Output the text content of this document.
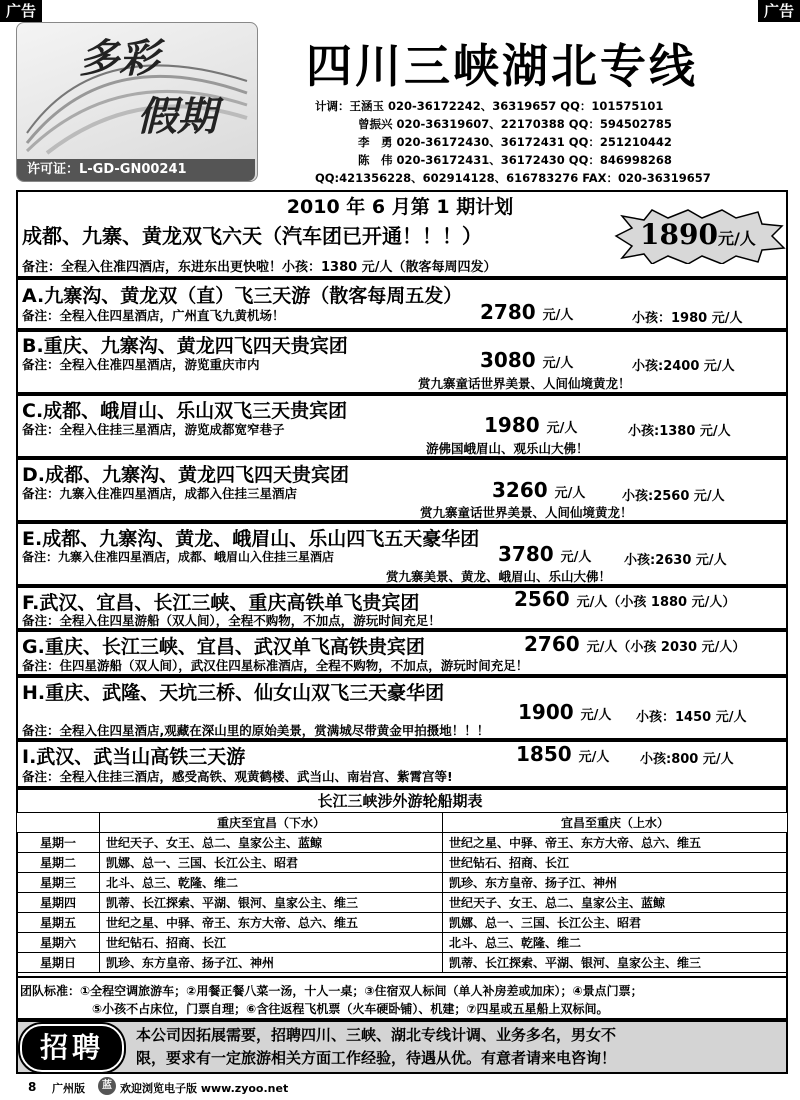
广告	广告
多彩
假期
许可证：L-GD-GN00241
四川三峡湖北专线
计调：王涵玉 020-36172242、36319657 QQ：101575101
曾振兴 020-36319607、22170388 QQ：594502785
李　勇 020-36172430、36172431 QQ：251210442
陈　伟 020-36172431、36172430 QQ：846998268
QQ:421356228、602914128、616783276 FAX：020-36319657
2010 年 6 月第 1 期计划
成都、九寨、黄龙双飞六天（汽车团已开通！！！）	1890元/人
备注：全程入住准四酒店，东进东出更快啦！小孩：1380 元/人（散客每周四发）
A.九寨沟、黄龙双（直）飞三天游（散客每周五发）
备注：全程入住四星酒店，广州直飞九黄机场！	2780 元/人	小孩：1980 元/人
B.重庆、九寨沟、黄龙四飞四天贵宾团
备注：全程入住准四星酒店，游览重庆市内	3080 元/人	小孩:2400 元/人
赏九寨童话世界美景、人间仙境黄龙！
C.成都、峨眉山、乐山双飞三天贵宾团
备注：全程入住挂三星酒店，游览成都宽窄巷子	1980 元/人	小孩:1380 元/人
游佛国峨眉山、观乐山大佛！
D.成都、九寨沟、黄龙四飞四天贵宾团
备注：九寨入住准四星酒店，成都入住挂三星酒店	3260 元/人	小孩:2560 元/人
赏九寨童话世界美景、人间仙境黄龙！
E.成都、九寨沟、黄龙、峨眉山、乐山四飞五天豪华团
备注：九寨入住准四星酒店，成都、峨眉山入住挂三星酒店	3780 元/人	小孩:2630 元/人
赏九寨美景、黄龙、峨眉山、乐山大佛！
F.武汉、宜昌、长江三峡、重庆高铁单飞贵宾团	2560 元/人（小孩 1880 元/人）
备注：全程入住四星游船（双人间），全程不购物，不加点，游玩时间充足！
G.重庆、长江三峡、宜昌、武汉单飞高铁贵宾团	2760 元/人（小孩 2030 元/人）
备注：住四星游船（双人间），武汉住四星标准酒店，全程不购物，不加点，游玩时间充足！
H.重庆、武隆、天坑三桥、仙女山双飞三天豪华团
1900 元/人 小孩：1450 元/人
备注：全程入住四星酒店,观藏在深山里的原始美景，赏满城尽带黄金甲拍摄地！！！
I.武汉、武当山高铁三天游	1850 元/人 小孩:800 元/人
备注：全程入住挂三酒店，感受高铁、观黄鹤楼、武当山、南岩宫、紫霄宫等!
长江三峡涉外游轮船期表
	重庆至宜昌（下水）	宜昌至重庆（上水）
星期一	世纪天子、女王、总二、皇家公主、蓝鲸	世纪之星、中驿、帝王、东方大帝、总六、维五
星期二	凯娜、总一、三国、长江公主、昭君	世纪钻石、招商、长江
星期三	北斗、总三、乾隆、维二	凯珍、东方皇帝、扬子江、神州
星期四	凯蒂、长江探索、平湖、银河、皇家公主、维三	世纪天子、女王、总二、皇家公主、蓝鲸
星期五	世纪之星、中驿、帝王、东方大帝、总六、维五	凯娜、总一、三国、长江公主、昭君
星期六	世纪钻石、招商、长江	北斗、总三、乾隆、维二
星期日	凯珍、东方皇帝、扬子江、神州	凯蒂、长江探索、平湖、银河、皇家公主、维三
团队标准：①全程空调旅游车；②用餐正餐八菜一汤，十人一桌；③住宿双人标间（单人补房差或加床）；④景点门票；
⑤小孩不占床位，门票自理；⑥含往返程飞机票（火车硬卧铺）、机建；⑦四星或五星船上双标间。
招聘	本公司因拓展需要，招聘四川、三峡、湖北专线计调、业务多名，男女不
限，要求有一定旅游相关方面工作经验，待遇从优。有意者请来电咨询！
8 广州版	蓝 欢迎浏览电子版 www.zyoo.net
